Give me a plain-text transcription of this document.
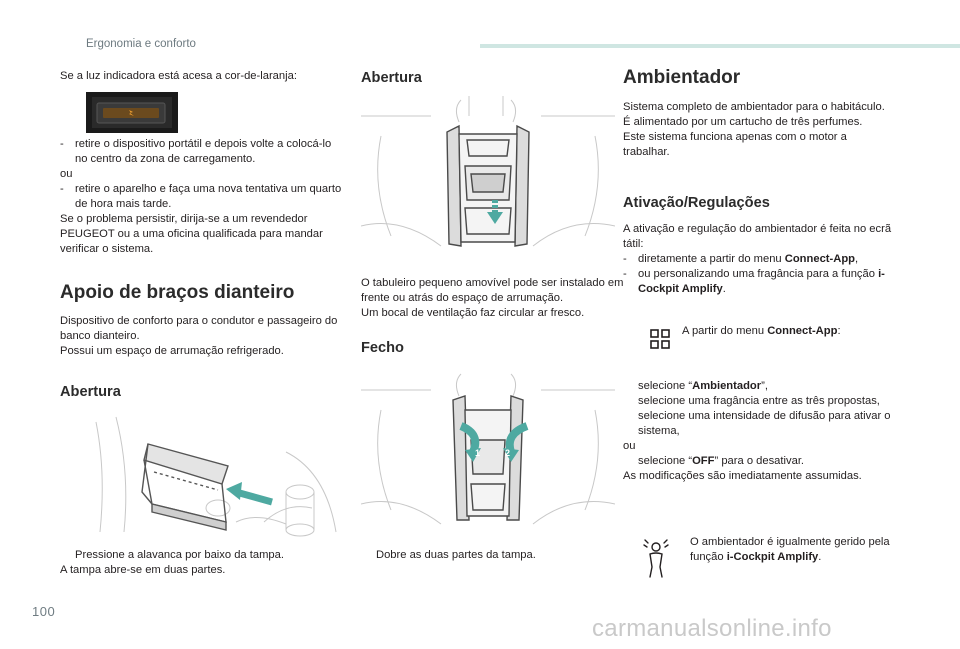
Ergonomia e conforto

Se a luz indicadora está acesa a cor-de-laranja:

-	retire o dispositivo portátil e depois volte a colocá-lo no centro da zona de carregamento.

ou

-	retire o aparelho e faça uma nova tentativa um quarto de hora mais tarde.

Se o problema persistir, dirija-se a um revendedor PEUGEOT ou a uma oficina qualificada para mandar verificar o sistema.

Apoio de braços dianteiro

Dispositivo de conforto para o condutor e passageiro do banco dianteiro.

Possui um espaço de arrumação refrigerado.

Abertura
Pressione a alavanca por baixo da tampa.

A tampa abre-se em duas partes.

Abertura

O tabuleiro pequeno amovível pode ser instalado em frente ou atrás do espaço de arrumação.

Um bocal de ventilação faz circular ar fresco.

Fecho
1	2
Dobre as duas partes da tampa.
Ambientador

Sistema completo de ambientador para o habitáculo. É alimentado por um cartucho de três perfumes.

Este sistema funciona apenas com o motor a trabalhar.

Ativação/Regulações

A ativação e regulação do ambientador é feita no ecrã tátil:

-	diretamente a partir do menu Connect-App,
-	ou personalizando uma fragância para a função i-Cockpit Amplify.

A partir do menu Connect-App:

selecione “Ambientador”,
selecione uma fragância entre as três propostas,
selecione uma intensidade de difusão para ativar o sistema,

ou

selecione “OFF” para o desativar.

As modificações são imediatamente assumidas.

O ambientador é igualmente gerido pela função i-Cockpit Amplify.

100
carmanualsonline.info
